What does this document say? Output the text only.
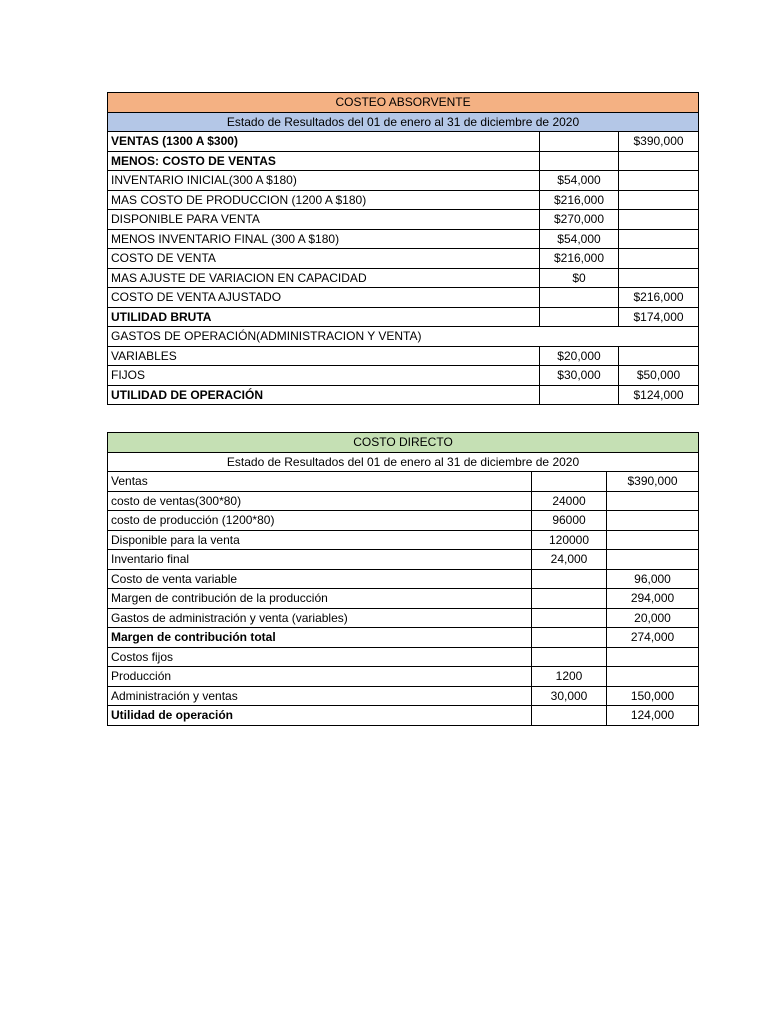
COSTEO ABSORVENTE		
Estado de Resultados del 01 de enero al 31 de diciembre de 2020		
VENTAS (1300 A $300)		$390,000
MENOS: COSTO DE VENTAS		
INVENTARIO INICIAL(300 A $180)	$54,000	
MAS COSTO DE PRODUCCION (1200 A $180)	$216,000	
DISPONIBLE PARA VENTA	$270,000	
MENOS INVENTARIO FINAL (300 A $180)	$54,000	
COSTO DE VENTA	$216,000	
MAS AJUSTE DE VARIACION EN CAPACIDAD	$0	
COSTO DE VENTA AJUSTADO		$216,000
UTILIDAD BRUTA		$174,000
GASTOS DE OPERACIÓN(ADMINISTRACION Y VENTA)		
VARIABLES	$20,000	
FIJOS	$30,000	$50,000
UTILIDAD DE OPERACIÓN		$124,000
COSTO DIRECTO		
Estado de Resultados del 01 de enero al 31 de diciembre de 2020		
Ventas		$390,000
costo de ventas(300*80)	24000	
costo de producción (1200*80)	96000	
Disponible para la venta	120000	
Inventario final	24,000	
Costo de venta variable		96,000
Margen de contribución de la producción		294,000
Gastos de administración y venta (variables)		20,000
Margen de contribución total		274,000
Costos fijos		
Producción	1200	
Administración y ventas	30,000	150,000
Utilidad de operación		124,000
